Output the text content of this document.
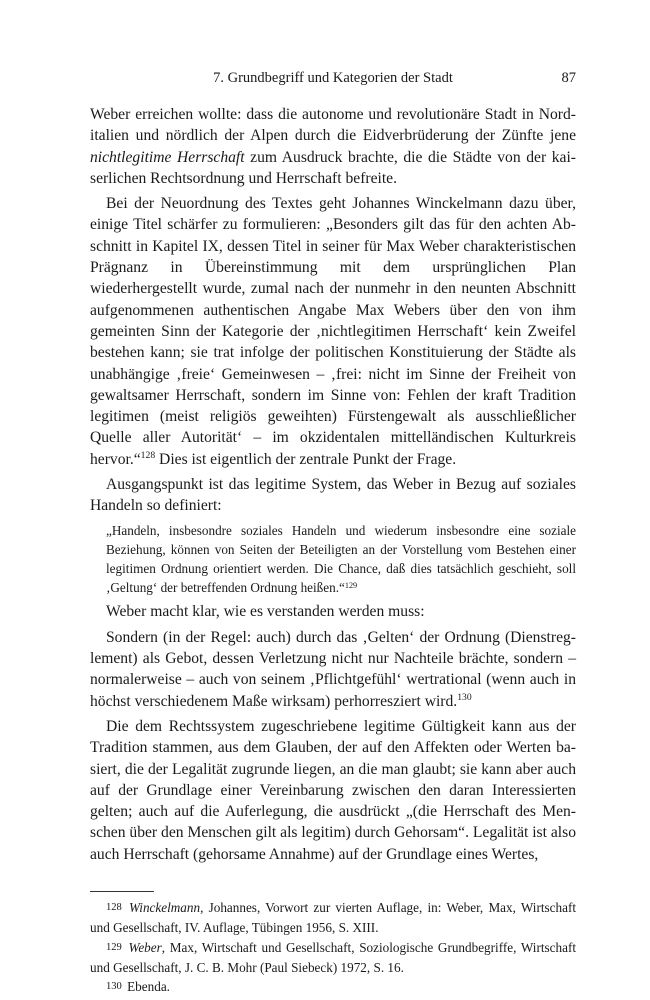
7. Grundbegriff und Kategorien der Stadt	87

Weber erreichen wollte: dass die autonome und revolutionäre Stadt in Norditalien und nördlich der Alpen durch die Eidverbrüderung der Zünfte jene nichtlegitime Herrschaft zum Ausdruck brachte, die die Städte von der kaiserlichen Rechtsordnung und Herrschaft befreite.

Bei der Neuordnung des Textes geht Johannes Winckelmann dazu über, einige Titel schärfer zu formulieren: „Besonders gilt das für den achten Abschnitt in Kapitel IX, dessen Titel in seiner für Max Weber charakteristischen Prägnanz in Übereinstimmung mit dem ursprünglichen Plan wiederhergestellt wurde, zumal nach der nunmehr in den neunten Abschnitt aufgenommenen authentischen Angabe Max Webers über den von ihm gemeinten Sinn der Kategorie der ‚nichtlegitimen Herrschaft‘ kein Zweifel bestehen kann; sie trat infolge der politischen Konstituierung der Städte als unabhängige ‚freie‘ Gemeinwesen – ‚frei: nicht im Sinne der Freiheit von gewaltsamer Herrschaft, sondern im Sinne von: Fehlen der kraft Tradition legitimen (meist religiös geweihten) Fürstengewalt als ausschließlicher Quelle aller Autorität‘ – im okzidentalen mittelländischen Kulturkreis hervor.“$^{128}$ Dies ist eigentlich der zentrale Punkt der Frage.

Ausgangspunkt ist das legitime System, das Weber in Bezug auf soziales Handeln so definiert:

„Handeln, insbesondre soziales Handeln und wiederum insbesondre eine soziale Beziehung, können von Seiten der Beteiligten an der Vorstellung vom Bestehen einer legitimen Ordnung orientiert werden. Die Chance, daß dies tatsächlich geschieht, soll ‚Geltung‘ der betreffenden Ordnung heißen.“$^{129}$

Weber macht klar, wie es verstanden werden muss:

Sondern (in der Regel: auch) durch das ‚Gelten‘ der Ordnung (Dienstreglement) als Gebot, dessen Verletzung nicht nur Nachteile brächte, sondern – normalerweise – auch von seinem ‚Pflichtgefühl‘ wertrational (wenn auch in höchst verschiedenem Maße wirksam) perhorresziert wird.$^{130}$

Die dem Rechtssystem zugeschriebene legitime Gültigkeit kann aus der Tradition stammen, aus dem Glauben, der auf den Affekten oder Werten basiert, die der Legalität zugrunde liegen, an die man glaubt; sie kann aber auch auf der Grundlage einer Vereinbarung zwischen den daran Interessierten gelten; auch auf die Auferlegung, die ausdrückt „(die Herrschaft des Menschen über den Menschen gilt als legitim) durch Gehorsam“. Legalität ist also auch Herrschaft (gehorsame Annahme) auf der Grundlage eines Wertes,

128 Winckelmann, Johannes, Vorwort zur vierten Auflage, in: Weber, Max, Wirtschaft und Gesellschaft, IV. Auflage, Tübingen 1956, S. XIII.

129 Weber, Max, Wirtschaft und Gesellschaft, Soziologische Grundbegriffe, Wirtschaft und Gesellschaft, J. C. B. Mohr (Paul Siebeck) 1972, S. 16.

130 Ebenda.
